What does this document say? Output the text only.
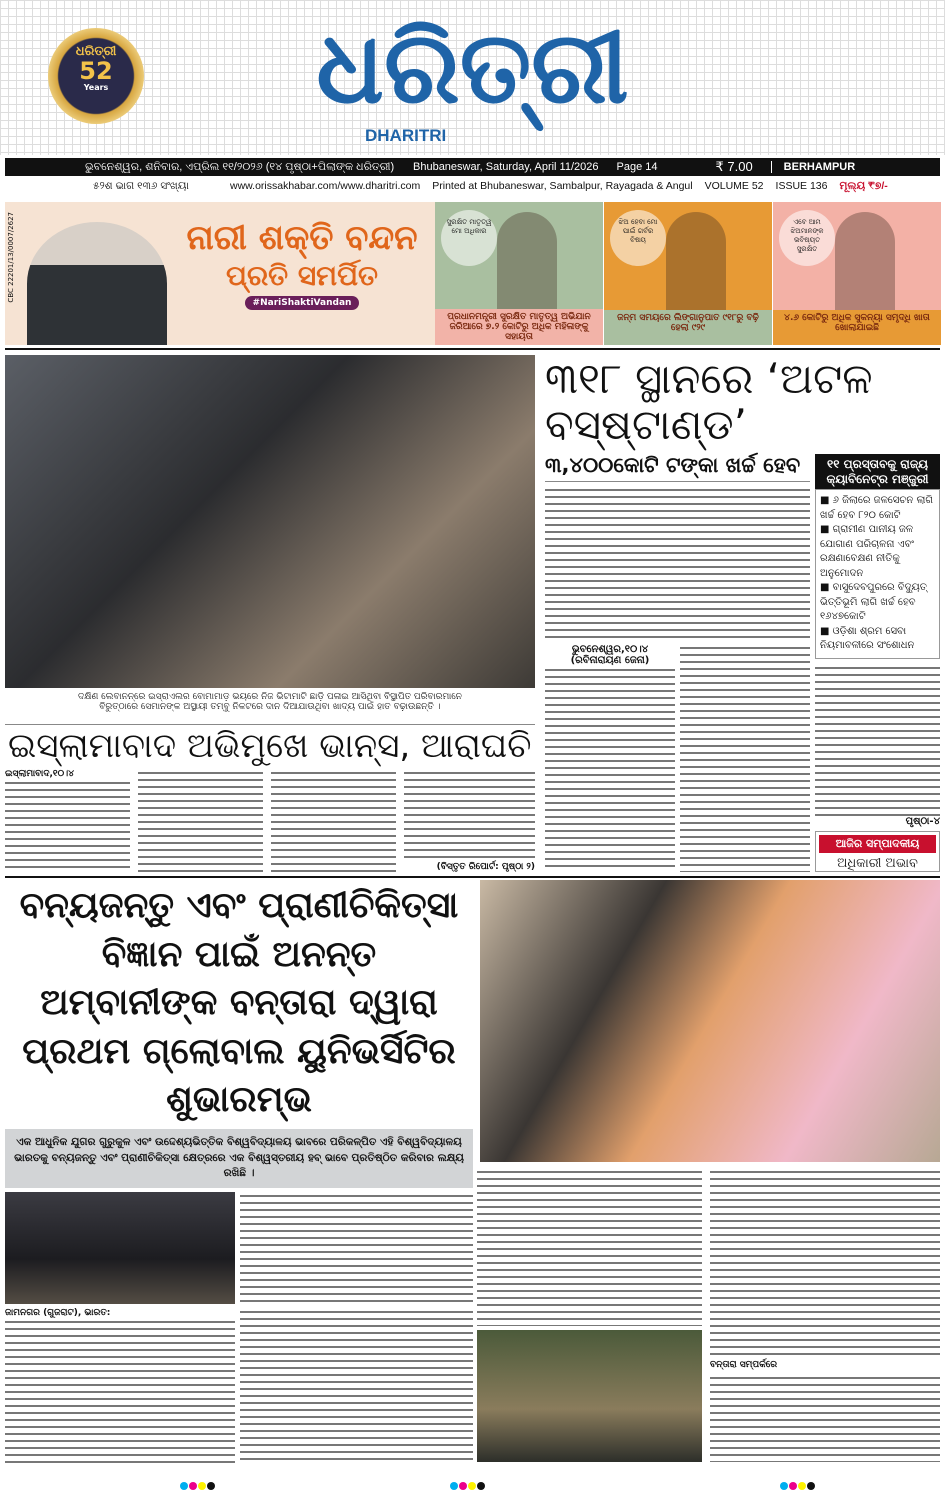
ଧରିତ୍ରୀ
52
Years	ଧରିତ୍ରୀ
DHARITRI
ଭୁବନେଶ୍ୱର, ଶନିବାର, ଏପ୍ରିଲ ୧୧/୨୦୨୬ (୧୪ ପୃଷ୍ଠା+ପିଲାଙ୍କ ଧରିତ୍ରୀ) Bhubaneswar, Saturday, April 11/2026 Page 14	₹ 7.00	BERHAMPUR
୫୨ଶ ଭାଗ ୧୩୬ ସଂଖ୍ୟା	www.orissakhabar.com/www.dharitri.com Printed at Bhubaneswar, Sambalpur, Rayagada & Angul VOLUME 52 ISSUE 136 ମୂଲ୍ୟ ₹୭/-
CBC 22201/13/0007/2627	ନାରୀ ଶକ୍ତି ବନ୍ଦନ
ପ୍ରତି ସମର୍ପିତ
#NariShaktiVandan
ସୁରକ୍ଷିତ ମାତୃତ୍ୱ ମୋ ଅଧିକାର
ପ୍ରଧାନମନ୍ତ୍ରୀ ସୁରକ୍ଷିତ ମାତୃତ୍ୱ ଅଭିଯାନ ଜରିଆରେ ୭.୨ କୋଟିରୁ ଅଧିକ ମହିଳାଙ୍କୁ ସହାୟତା
ଝିଅ ହେବା ମୋ ପାଇଁ ଗର୍ବର ବିଷୟ
ଜନ୍ମ ସମୟରେ ଲିଙ୍ଗାନୁପାତ ୯୧୮ରୁ ବଢ଼ି ହେଲା ୯୨୯
ଏବେ ଆମ ଝିଅମାନଙ୍କ ଭବିଷ୍ୟତ ସୁରକ୍ଷିତ
୪.୬ କୋଟିରୁ ଅଧିକ ସୁକନ୍ୟା ସମୃଦ୍ଧି ଖାତା ଖୋଲାଯାଇଛି
ଦକ୍ଷିଣ ଲେବାନନ୍‌ରେ ଇସ୍ରାଏଲର ବୋମାମାଡ଼ ଭୟରେ ନିଜ ଭିଟାମାଟି ଛାଡ଼ି ପଳାଇ ଆସିଥିବା ବିସ୍ଥାପିତ ପରିବାରମାନେ ବିରୁତ୍‌ଠାରେ ସେମାନଙ୍କ ଅସ୍ଥାୟୀ ତମ୍ବୁ ନିକଟରେ ଦାନ ଦିଆଯାଉଥିବା ଖାଦ୍ୟ ପାଇଁ ହାତ ବଢ଼ାଉଛନ୍ତି ।
୩୧୮ ସ୍ଥାନରେ ‘ଅଟଳ ବସ୍‌ଷ୍ଟାଣ୍ଡ’
୩,୪୦୦କୋଟି ଟଙ୍କା ଖର୍ଚ୍ଚ ହେବ
ଭୁବନେଶ୍ୱର,୧୦।୪
(ରବିନାରାୟଣ ଜେନା)
୧୧ ପ୍ରସ୍ତାବକୁ ରାଜ୍ୟ କ୍ୟାବିନେଟ୍‌ର ମଞ୍ଜୁରୀ
■ ୬ ଜିଲାରେ ଜଳସେଚନ ଲାଗି ଖର୍ଚ୍ଚ ହେବ ୮୨୦ କୋଟି
■ ଗ୍ରାମୀଣ ପାନୀୟ ଜଳ ଯୋଗାଣ ପରିଚାଳନା ଏବଂ ରକ୍ଷଣାବେକ୍ଷଣ ନୀତିକୁ ଅନୁମୋଦନ
■ ବାସୁଦେବପୁରରେ ବିଦ୍ୟୁତ୍ ଭିତ୍ତିଭୂମି ଲାଗି ଖର୍ଚ୍ଚ ହେବ ୧୬୪୭କୋଟି
■ ଓଡ଼ିଶା ଶ୍ରମ ସେବା ନିୟମାବଳୀରେ ସଂଶୋଧନ
ପୃଷ୍ଠା-୪
ଆଜିର ସମ୍ପାଦକୀୟ
ଅଧିକାରୀ ଅଭାବ
ଇସ୍‌ଲାମାବାଦ ଅଭିମୁଖେ ଭାନ୍ସ, ଆରାଘଚି
ଇସ୍‌ଲାମାବାଦ,୧୦।୪
(ବିସ୍ତୃତ ରିପୋର୍ଟ: ପୃଷ୍ଠା ୨)
ବନ୍ୟଜନ୍ତୁ ଏବଂ ପ୍ରାଣୀଚିକିତ୍ସା ବିଜ୍ଞାନ ପାଇଁ ଅନନ୍ତ ଅମ୍ବାନୀଙ୍କ ବନ୍‌ତାରା ଦ୍ୱାରା ପ୍ରଥମ ଗ୍ଲୋବାଲ ୟୁନିଭର୍ସିଟିର ଶୁଭାରମ୍ଭ
ଏକ ଆଧୁନିକ ଯୁଗର ଗୁରୁକୁଳ ଏବଂ ଉଦ୍ଦେଶ୍ୟଭିତ୍ତିକ ବିଶ୍ୱବିଦ୍ୟାଳୟ ଭାବରେ ପରିକଳ୍ପିତ ଏହି ବିଶ୍ୱବିଦ୍ୟାଳୟ ଭାରତକୁ ବନ୍ୟଜନ୍ତୁ ଏବଂ ପ୍ରାଣୀଚିକିତ୍ସା କ୍ଷେତ୍ରରେ ଏକ ବିଶ୍ୱସ୍ତରୀୟ ହବ୍ ଭାବେ ପ୍ରତିଷ୍ଠିତ କରିବାର ଲକ୍ଷ୍ୟ ରଖିଛି ।
ଜାମନଗର (ଗୁଜରାଟ), ଭାରତ:
ବନ୍‌ତାରା ସମ୍ପର୍କରେ
